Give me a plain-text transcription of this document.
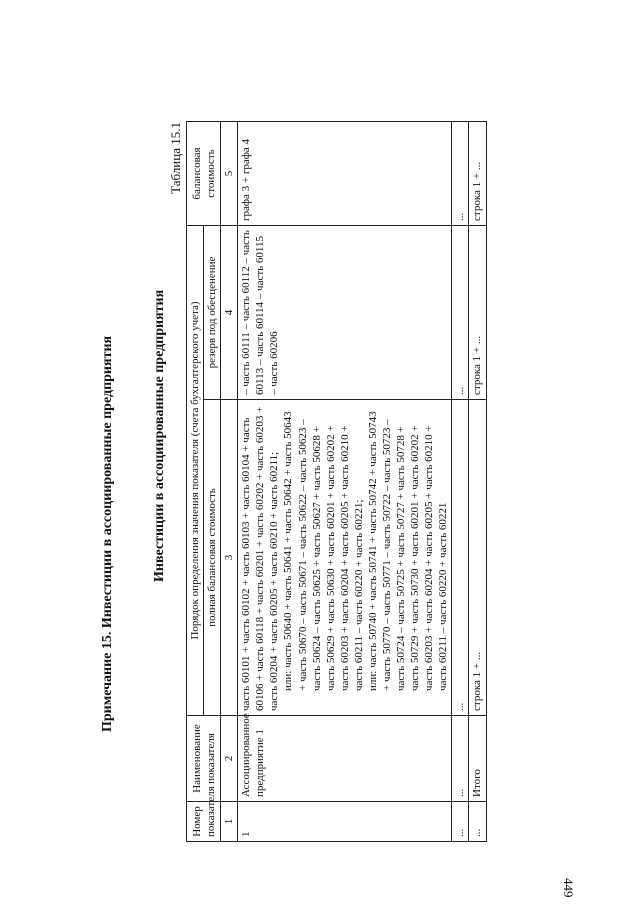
449
Примечание 15. Инвестиции в ассоциированные предприятия	Инвестиции в ассоциированные предприятия
Таблица 15.1
Номер показателя	Наименование показателя	Порядок определения значения показателя (счета бухгалтерского учета)		балансовая стоимость
		полная балансовая стоимость	резерв под обесценение	
1	2	3	4	5
1	Ассоциированное предприятие 1	часть 60101 + часть 60102 + часть 60103 + часть 60104 + часть 60106 + часть 60118 + часть 60201 + часть 60202 + часть 60203 + часть 60204 + часть 60205 + часть 60210 + часть 60211; или: часть 50640 + часть 50641 + часть 50642 + часть 50643 + часть 50670 – часть 50671 – часть 50622 – часть 50623 – часть 50624 – часть 50625 + часть 50627 + часть 50628 + часть 50629 + часть 50630 + часть 60201 + часть 60202 + часть 60203 + часть 60204 + часть 60205 + часть 60210 + часть 60211 – часть 60220 + часть 60221; или: часть 50740 + часть 50741 + часть 50742 + часть 50743 + часть 50770 – часть 50771 – часть 50722 – часть 50723 – часть 50724 – часть 50725 + часть 50727 + часть 50728 + часть 50729 + часть 50730 + часть 60201 + часть 60202 + часть 60203 + часть 60204 + часть 60205 + часть 60210 + часть 60211 – часть 60220 + часть 60221	– часть 60111 – часть 60112 – часть 60113 – часть 60114 – часть 60115 – часть 60206	графа 3 + графа 4
...	...	...	...	...
...	Итого	строка 1 + ...	строка 1 + ...	строка 1 + ...
